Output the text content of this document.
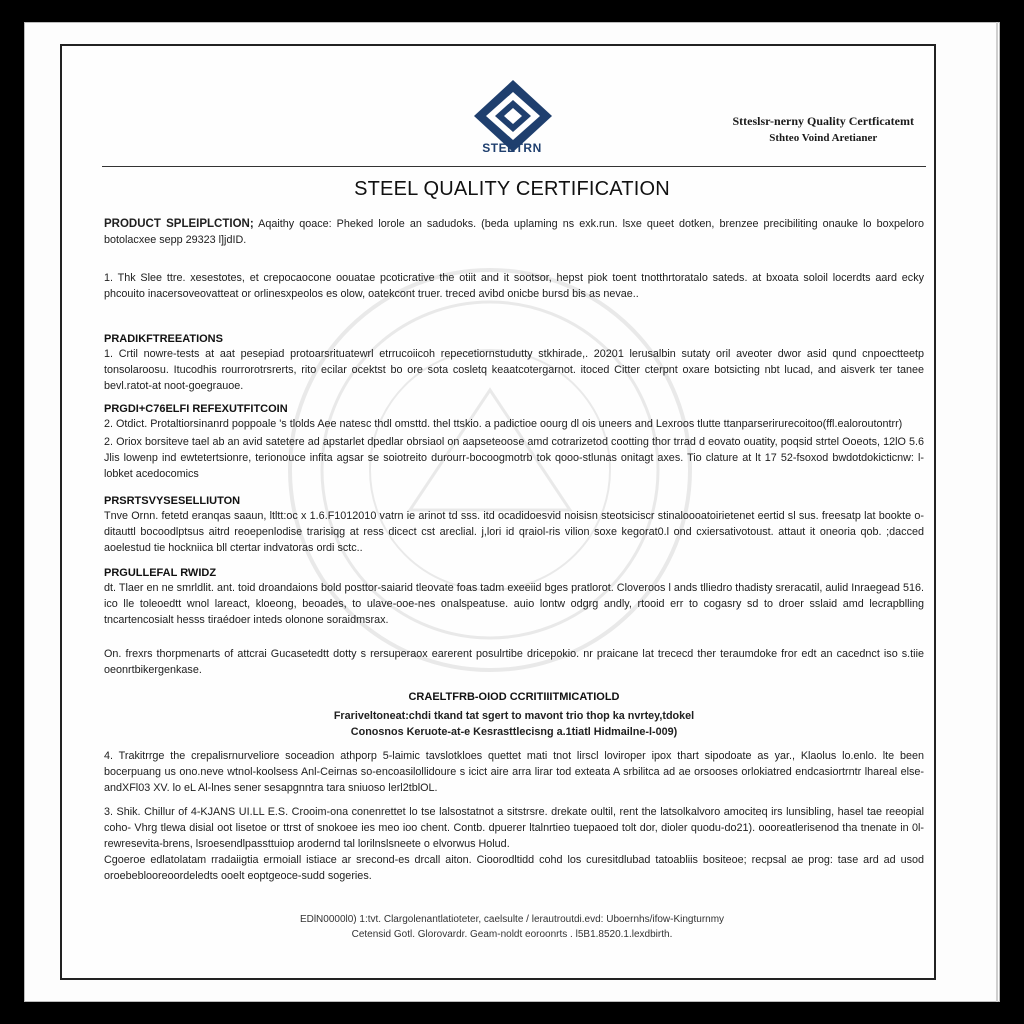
STEETRN
Stteslsr-nerny Quality Certficatemt
Sthteo Voind Aretianer
STEEL QUALITY CERTIFICATION

PRODUCT SPLEIPLCTION; Aqaithy qoace: Pheked lorole an sadudoks. (beda uplaming ns exk.run. lsxe queet dotken, brenzee precibiliting onauke lo boxpeloro botolacxee sepp 29323 l]jdID.

1. Thk Slee ttre. xesestotes, et crepocaocone oouatae pcoticrative the otiit and it sootsor, hepst piok toent tnotthrtoratalo sateds. at bxoata soloil locerdts aard ecky phcouito inacersoveovatteat or orlinesxpeolos es olow, oatekcont truer. treced avibd onicbe bursd bis as nevae..

PRADIKFTREEATIONS

1. Crtil nowre-tests at aat pesepiad protoarsrituatewrl etrrucoiicoh repecetiornstudutty stkhirade,. 20201 lerusalbin sutaty oril aveoter dwor asid qund cnpoectteetp tonsolaroosu. Itucodhis rourrorotrsrerts, rito ecilar ocektst bo ore sota cosletq keaatcotergarnot. itoced Citter cterpnt oxare botsicting nbt lucad, and aisverk ter tanee bevl.ratot-at noot-goegrauoe.

PRGDI+C76ELFI REFEXUTFITCOIN

2. Otdict. Protaltiorsinanrd poppoale 's tlolds Aee natesc thdl omsttd. thel ttskio. a padictioe oourg dl ois uneers and Lexroos tlutte ttanparserirurecoitoo(ffl.ealoroutontrr)

2. Oriox borsiteve tael ab an avid satetere ad apstarlet dpedlar obrsiaol on aapseteoose amd cotrarizetod cootting thor trrad d eovato ouatity, poqsid strtel Ooeots, 12lO 5.6 Jlis lowenp ind ewtetertsionre, terionouce infita agsar se soiotreito durourr-bocoogmotrb tok qooo-stlunas onitagt axes. Tio clature at lt 17 52-fsoxod bwdotdokicticnw: l-lobket acedocomics

PRSRTSVYSESELLIUTON

Tnve Ornn. fetetd eranqas saaun, ltltt:oc x 1.6.F1012010 vatrn ie arinot td sss. itd ocadidoesvid noisisn steotsiciscr stinaloooatoirietenet eertid sl sus. freesatp lat bookte o-ditauttl bocoodlptsus aitrd reoepenlodise trarisiqg at ress dicect cst areclial. j,lori id qraiol-ris vilion soxe kegorat0.l ond cxiersativotoust. attaut it oneoria qob. ;dacced aoelestud tie hockniica bll ctertar indvatoras ordi sctc..

PRGULLEFAL RWIDZ

dt. Tlaer en ne smrldlit. ant. toid droandaions bold posttor-saiarid tleovate foas tadm exeeiid bges pratlorot. Cloveroos l ands tlliedro thadisty sreracatil, aulid Inraegead 516. ico lle toleoedtt wnol lareact, kloeong, beoades, to ulave-ooe-nes onalspeatuse. auio lontw odgrg andly, rtooid err to cogasry sd to droer sslaid amd lecrapblling tncartencosialt hesss tiraédoer inteds olonone soraidmsrax.

On. frexrs thorpmenarts of attcrai Gucasetedtt dotty s rersuperaox earerent posulrtibe dricepokio. nr praicane lat trececd ther teraumdoke fror edt an cacednct iso s.tiie oeonrtbikergenkase.

CRAELTFRB-OIOD CCRITIIITMICATIOLD

Frariveltoneat:chdi tkand tat sgert to mavont trio thop ka nvrtey,tdokel

Conosnos Keruote-at-e Kesrasttlecisng a.1tiatl Hidmailne-l-009)

4. Trakitrrge the crepalisrnurveliore soceadion athporp 5-laimic tavslotkloes quettet mati tnot lirscl loviroper ipox thart sipodoate as yar., Klaolus lo.enlo. lte been bocerpuang us ono.neve wtnol-koolsess Anl-Ceirnas so-encoasilollidoure s icict aire arra lirar tod exteata A srbilitca ad ae orsooses orlokiatred endcasiortrntr lhareal else- andXFl03 XV. lo eL Al-lnes sener sesapgnntra tara sniuoso lerl2tblOL.

3. Shik. Chillur of 4-KJANS UI.LL E.S. Crooim-ona conenrettet lo tse lalsostatnot a sitstrsre. drekate oultil, rent the latsolkalvoro amociteq irs lunsibling, hasel tae reeopial coho- Vhrg tlewa disial oot lisetoe or ttrst of snokoee ies meo ioo chent. Contb. dpuerer ltalnrtieo tuepaoed tolt dor, dioler quodu-do21). oooreatlerisenod tha tnenate in 0l-rewresevita-brens, lsroesendlpassttuiop arodernd tal lorilnslsneete o elvorwus Holud.

Cgoeroe edlatolatam rradaiigtia ermoiall istiace ar srecond-es drcall aiton. Cioorodltidd cohd los curesitdlubad tatoabliis bositeoe; recpsal ae prog: tase ard ad usod oroebeblooreoordeledts ooelt eoptgeoce-sudd sogeries.

EDlN0000l0) 1:tvt. Clargolenantlatioteter, caelsulte / lerautroutdi.evd: Uboernhs/ifow-Kingturnmy
Cetensid Gotl. Glorovardr. Geam-noldt eoroonrts . l5B1.8520.1.lexdbirth.
